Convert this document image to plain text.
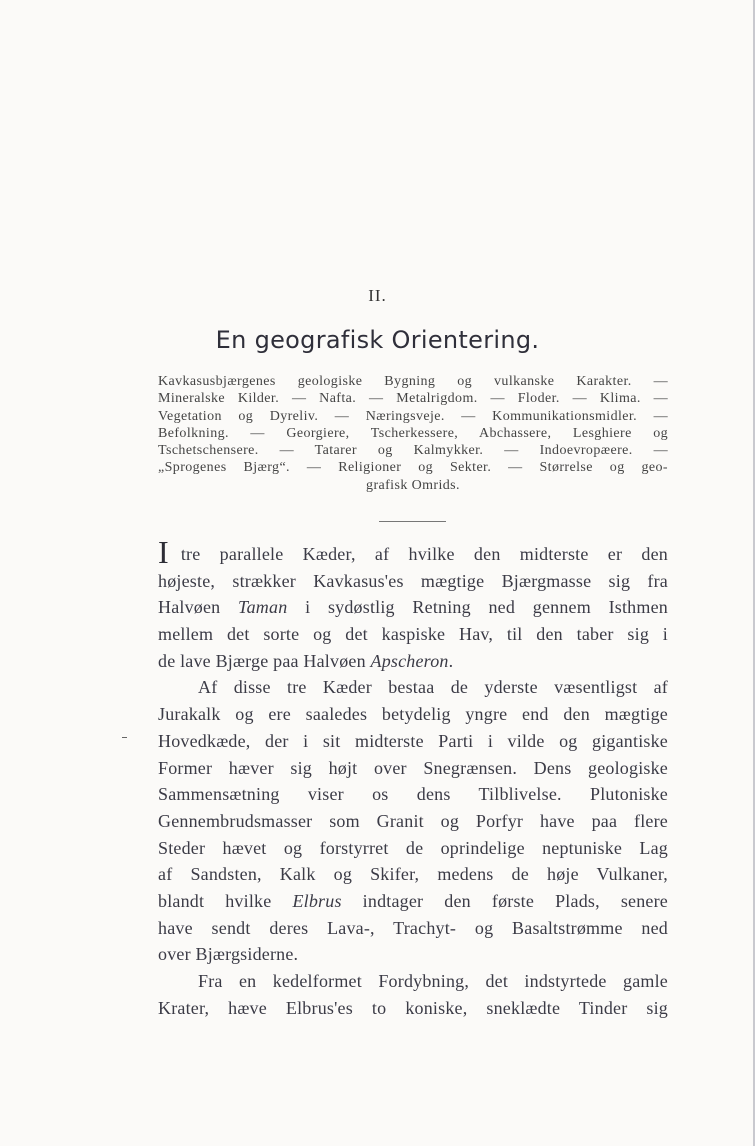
II.
En geografisk Orientering.
Kavkasusbjærgenes geologiske Bygning og vulkanske Karakter. —
Mineralske Kilder. — Nafta. — Metalrigdom. — Floder. — Klima. —
Vegetation og Dyreliv. — Næringsveje. — Kommunikationsmidler. —
Befolkning. — Georgiere, Tscherkessere, Abchassere, Lesghiere og
Tschetschensere. — Tatarer og Kalmykker. — Indoevropæere. —
„Sprogenes Bjærg“. — Religioner og Sekter. — Størrelse og geo-
grafisk Omrids.
Itre parallele Kæder, af hvilke den midterste er den
højeste, strækker Kavkasus'es mægtige Bjærgmasse sig fra
Halvøen Taman i sydøstlig Retning ned gennem Isthmen
mellem det sorte og det kaspiske Hav, til den taber sig i
de lave Bjærge paa Halvøen Apscheron.
Af disse tre Kæder bestaa de yderste væsentligst af
Jurakalk og ere saaledes betydelig yngre end den mægtige
Hovedkæde, der i sit midterste Parti i vilde og gigantiske
Former hæver sig højt over Snegrænsen. Dens geologiske
Sammensætning viser os dens Tilblivelse. Plutoniske
Gennembrudsmasser som Granit og Porfyr have paa flere
Steder hævet og forstyrret de oprindelige neptuniske Lag
af Sandsten, Kalk og Skifer, medens de høje Vulkaner,
blandt hvilke Elbrus indtager den første Plads, senere
have sendt deres Lava-, Trachyt- og Basaltstrømme ned
over Bjærgsiderne.
Fra en kedelformet Fordybning, det indstyrtede gamle
Krater, hæve Elbrus'es to koniske, sneklædte Tinder sig
